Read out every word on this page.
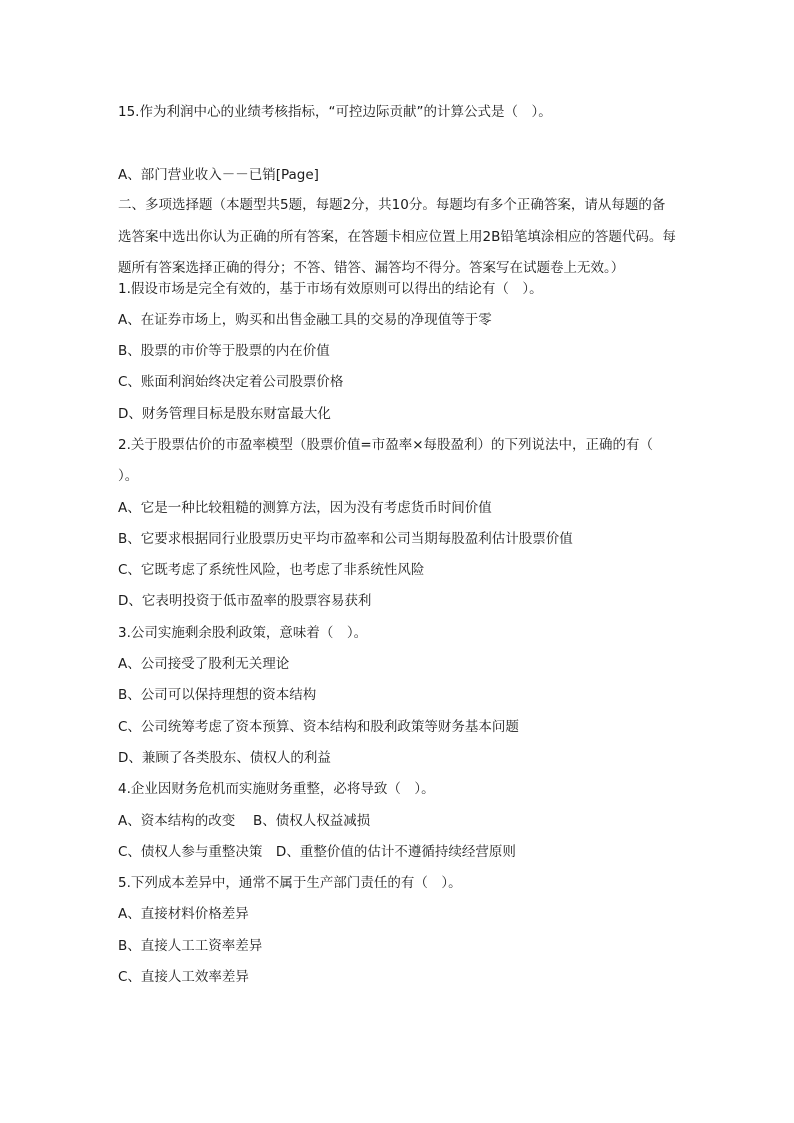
15.作为利润中心的业绩考核指标，“可控边际贡献”的计算公式是（　）。
A、部门营业收入－－已销[Page]
二、多项选择题（本题型共5题，每题2分，共10分。每题均有多个正确答案，请从每题的备选答案中选出你认为正确的所有答案，在答题卡相应位置上用2B铅笔填涂相应的答题代码。每题所有答案选择正确的得分；不答、错答、漏答均不得分。答案写在试题卷上无效。）
1.假设市场是完全有效的，基于市场有效原则可以得出的结论有（　）。
A、在证券市场上，购买和出售金融工具的交易的净现值等于零
B、股票的市价等于股票的内在价值
C、账面利润始终决定着公司股票价格
D、财务管理目标是股东财富最大化
2.关于股票估价的市盈率模型（股票价值=市盈率×每股盈利）的下列说法中，正确的有（
）。
A、它是一种比较粗糙的测算方法，因为没有考虑货币时间价值
B、它要求根据同行业股票历史平均市盈率和公司当期每股盈利估计股票价值
C、它既考虑了系统性风险，也考虑了非系统性风险
D、它表明投资于低市盈率的股票容易获利
3.公司实施剩余股利政策，意味着（　）。
A、公司接受了股利无关理论
B、公司可以保持理想的资本结构
C、公司统筹考虑了资本预算、资本结构和股利政策等财务基本问题
D、兼顾了各类股东、债权人的利益
4.企业因财务危机而实施财务重整，必将导致（　）。
A、资本结构的改变　 B、债权人权益减损
C、债权人参与重整决策　D、重整价值的估计不遵循持续经营原则
5.下列成本差异中，通常不属于生产部门责任的有（　）。
A、直接材料价格差异
B、直接人工工资率差异
C、直接人工效率差异
